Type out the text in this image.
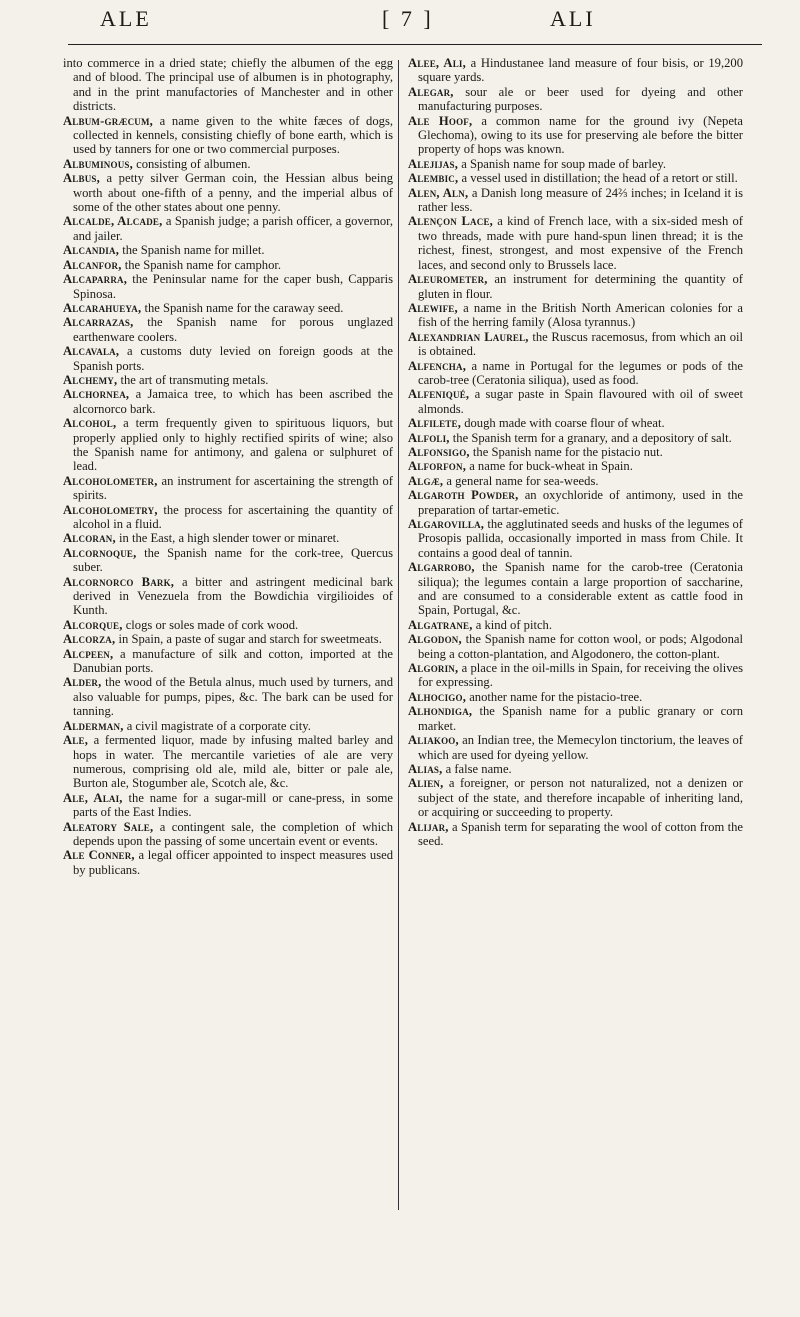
ALE	[ 7 ]	ALI

into commerce in a dried state; chiefly the albumen of the egg and of blood. The principal use of albumen is in photography, and in the print manufactories of Manchester and in other districts.

Album-græcum, a name given to the white fæces of dogs, collected in kennels, consisting chiefly of bone earth, which is used by tanners for one or two commercial purposes.

Albuminous, consisting of albumen.

Albus, a petty silver German coin, the Hessian albus being worth about one-fifth of a penny, and the imperial albus of some of the other states about one penny.

Alcalde, Alcade, a Spanish judge; a parish officer, a governor, and jailer.

Alcandia, the Spanish name for millet.

Alcanfor, the Spanish name for camphor.

Alcaparra, the Peninsular name for the caper bush, Capparis Spinosa.

Alcarahueya, the Spanish name for the caraway seed.

Alcarrazas, the Spanish name for porous unglazed earthenware coolers.

Alcavala, a customs duty levied on foreign goods at the Spanish ports.

Alchemy, the art of transmuting metals.

Alchornea, a Jamaica tree, to which has been ascribed the alcornorco bark.

Alcohol, a term frequently given to spirituous liquors, but properly applied only to highly rectified spirits of wine; also the Spanish name for antimony, and galena or sulphuret of lead.

Alcoholometer, an instrument for ascertaining the strength of spirits.

Alcoholometry, the process for ascertaining the quantity of alcohol in a fluid.

Alcoran, in the East, a high slender tower or minaret.

Alcornoque, the Spanish name for the cork-tree, Quercus suber.

Alcornorco Bark, a bitter and astringent medicinal bark derived in Venezuela from the Bowdichia virgilioides of Kunth.

Alcorque, clogs or soles made of cork wood.

Alcorza, in Spain, a paste of sugar and starch for sweetmeats.

Alcpeen, a manufacture of silk and cotton, imported at the Danubian ports.

Alder, the wood of the Betula alnus, much used by turners, and also valuable for pumps, pipes, &c. The bark can be used for tanning.

Alderman, a civil magistrate of a corporate city.

Ale, a fermented liquor, made by infusing malted barley and hops in water. The mercantile varieties of ale are very numerous, comprising old ale, mild ale, bitter or pale ale, Burton ale, Stogumber ale, Scotch ale, &c.

Ale, Alai, the name for a sugar-mill or cane-press, in some parts of the East Indies.

Aleatory Sale, a contingent sale, the completion of which depends upon the passing of some uncertain event or events.

Ale Conner, a legal officer appointed to inspect measures used by publicans.

Alee, Ali, a Hindustanee land measure of four bisis, or 19,200 square yards.

Alegar, sour ale or beer used for dyeing and other manufacturing purposes.

Ale Hoof, a common name for the ground ivy (Nepeta Glechoma), owing to its use for preserving ale before the bitter property of hops was known.

Alejijas, a Spanish name for soup made of barley.

Alembic, a vessel used in distillation; the head of a retort or still.

Alen, Aln, a Danish long measure of 24⅔ inches; in Iceland it is rather less.

Alençon Lace, a kind of French lace, with a six-sided mesh of two threads, made with pure hand-spun linen thread; it is the richest, finest, strongest, and most expensive of the French laces, and second only to Brussels lace.

Aleurometer, an instrument for determining the quantity of gluten in flour.

Alewife, a name in the British North American colonies for a fish of the herring family (Alosa tyrannus.)

Alexandrian Laurel, the Ruscus racemosus, from which an oil is obtained.

Alfencha, a name in Portugal for the legumes or pods of the carob-tree (Ceratonia siliqua), used as food.

Alfeniqué, a sugar paste in Spain flavoured with oil of sweet almonds.

Alfilete, dough made with coarse flour of wheat.

Alfoli, the Spanish term for a granary, and a depository of salt.

Alfonsigo, the Spanish name for the pistacio nut.

Alforfon, a name for buck-wheat in Spain.

Algæ, a general name for sea-weeds.

Algaroth Powder, an oxychloride of antimony, used in the preparation of tartar-emetic.

Algarovilla, the agglutinated seeds and husks of the legumes of Prosopis pallida, occasionally imported in mass from Chile. It contains a good deal of tannin.

Algarrobo, the Spanish name for the carob-tree (Ceratonia siliqua); the legumes contain a large proportion of saccharine, and are consumed to a considerable extent as cattle food in Spain, Portugal, &c.

Algatrane, a kind of pitch.

Algodon, the Spanish name for cotton wool, or pods; Algodonal being a cotton-plantation, and Algodonero, the cotton-plant.

Algorin, a place in the oil-mills in Spain, for receiving the olives for expressing.

Alhocigo, another name for the pistacio-tree.

Alhondiga, the Spanish name for a public granary or corn market.

Aliakoo, an Indian tree, the Memecylon tinctorium, the leaves of which are used for dyeing yellow.

Alias, a false name.

Alien, a foreigner, or person not naturalized, not a denizen or subject of the state, and therefore incapable of inheriting land, or acquiring or succeeding to property.

Alijar, a Spanish term for separating the wool of cotton from the seed.
